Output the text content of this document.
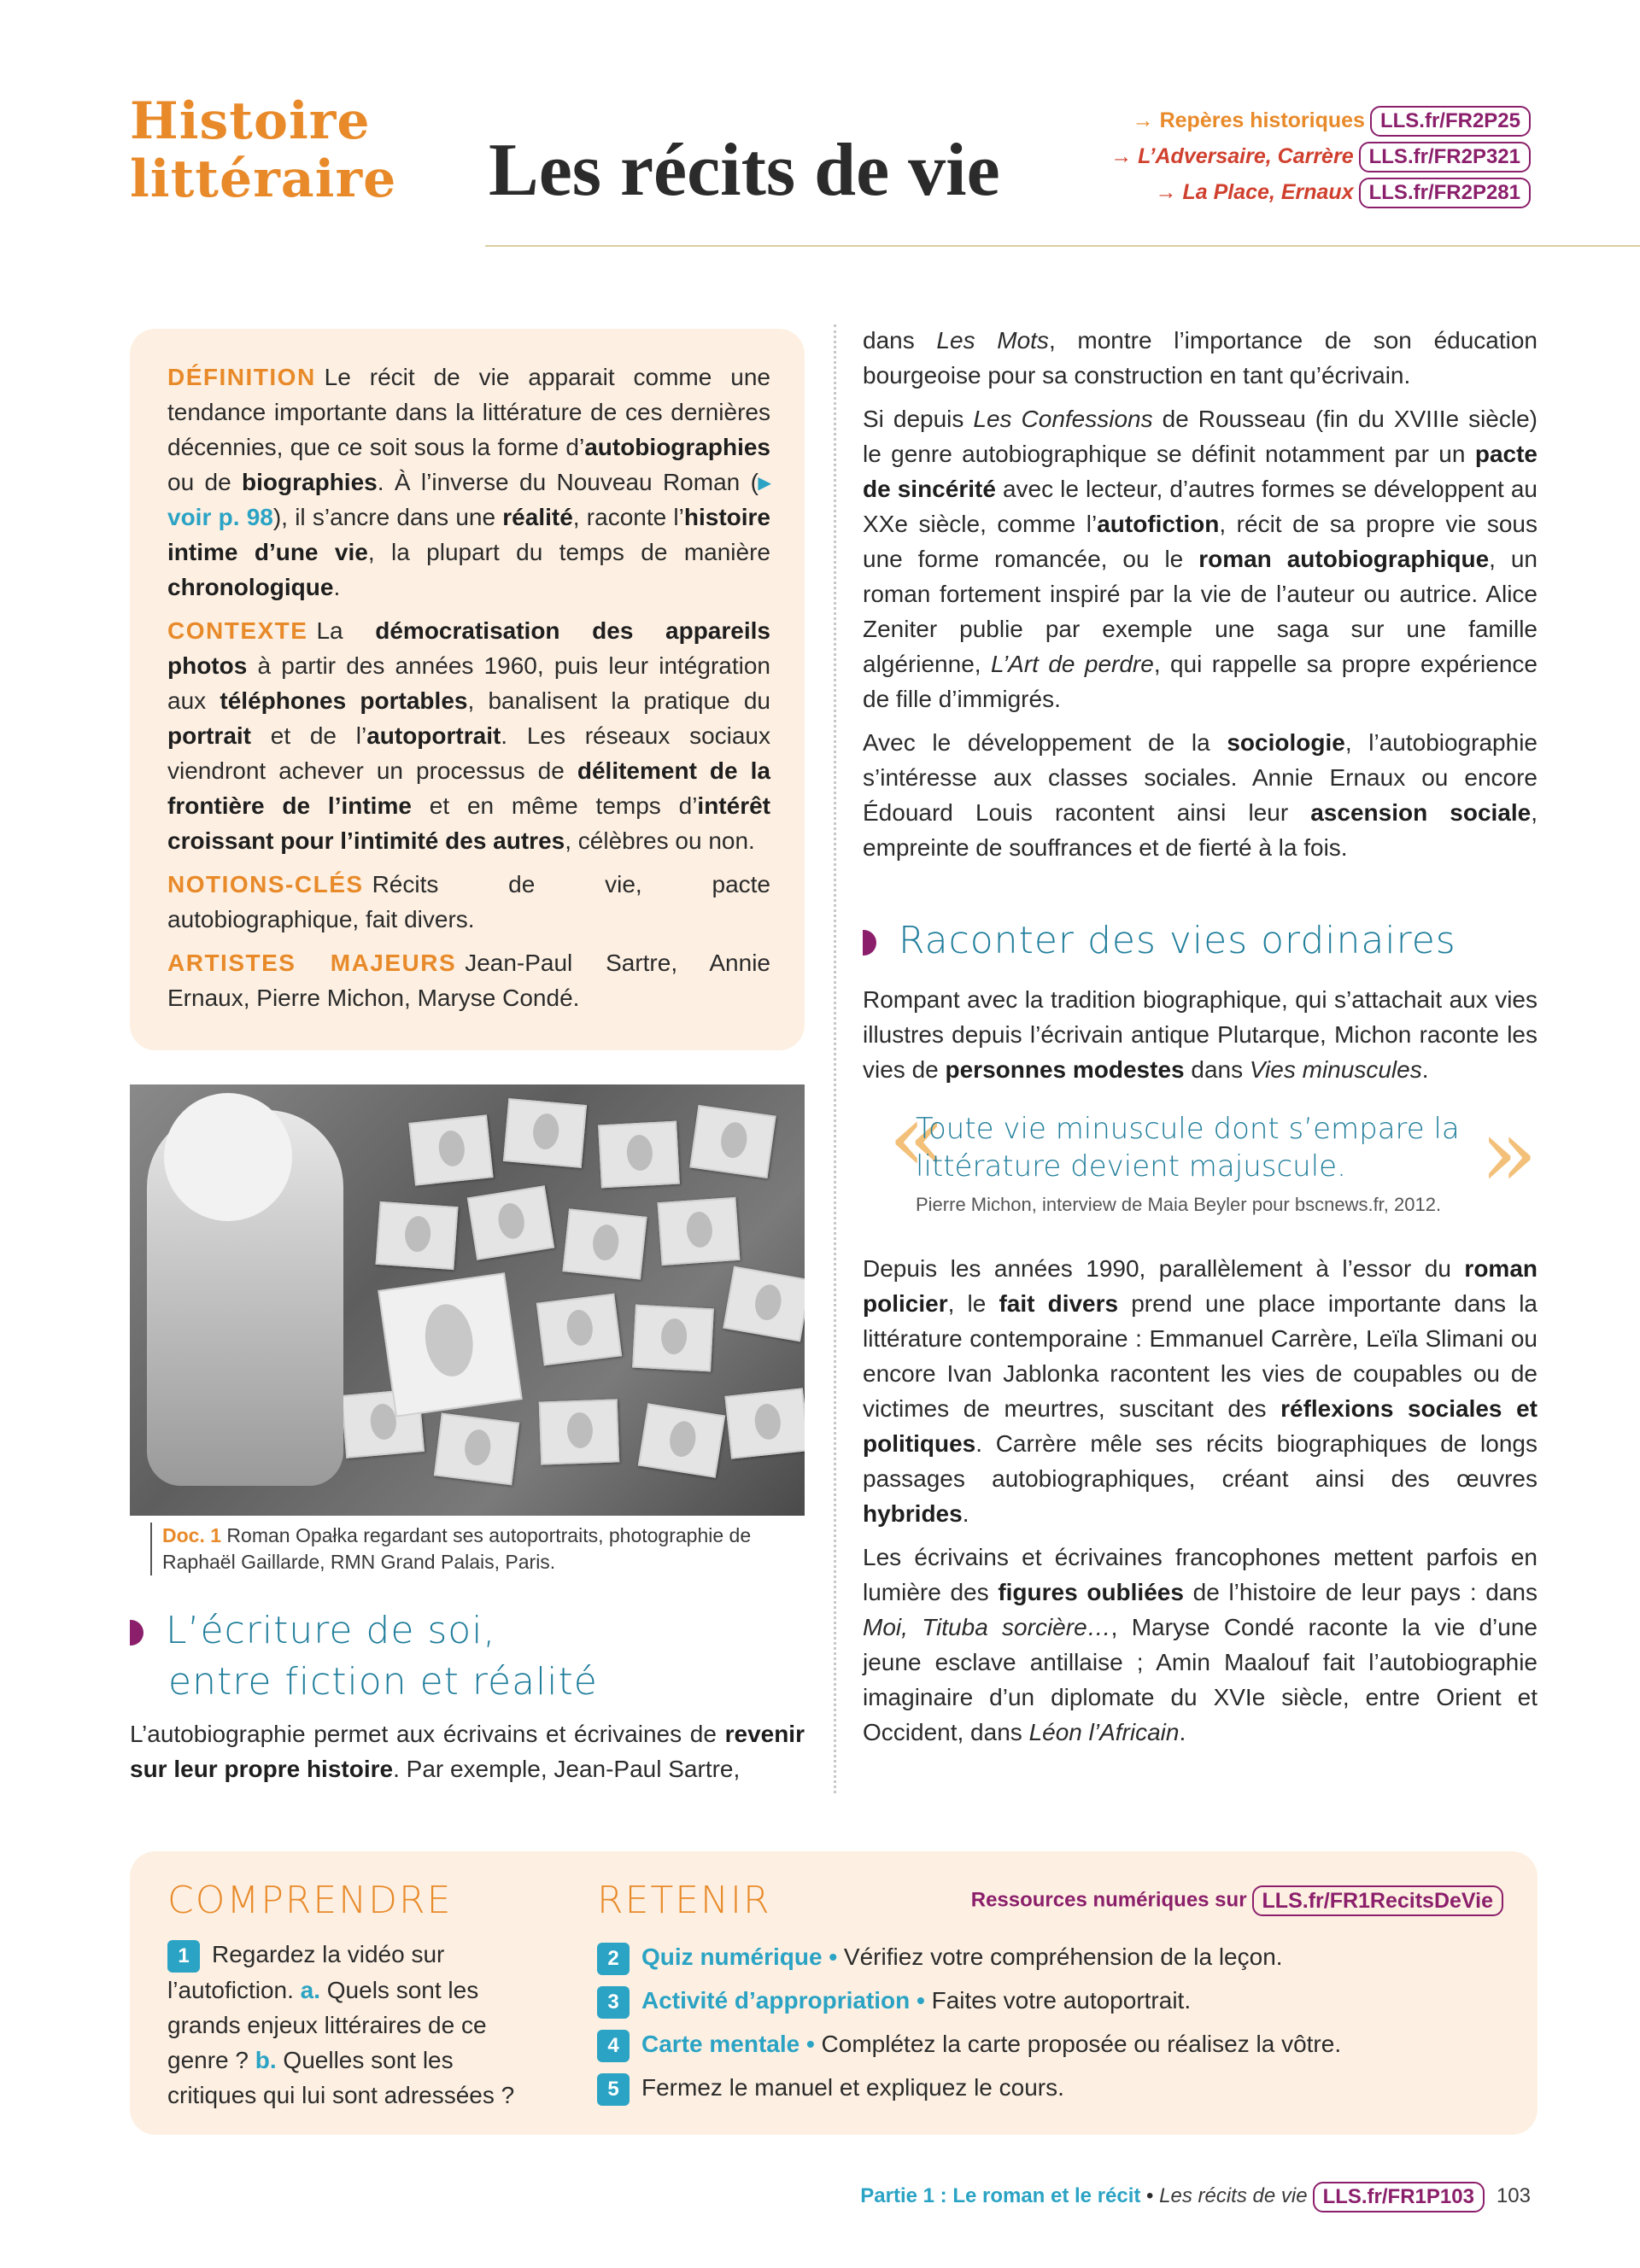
Histoire
littéraire Les récits de vie
→ Repères historiques LLS.fr/FR2P25
→ L’Adversaire, Carrère LLS.fr/FR2P321
→ La Place, Ernaux LLS.fr/FR2P281

DÉFINITION Le récit de vie apparait comme une tendance importante dans la littérature de ces dernières décennies, que ce soit sous la forme d’autobiographies ou de biographies. À l’inverse du Nouveau Roman (▸ voir p. 98), il s’ancre dans une réalité, raconte l’histoire intime d’une vie, la plupart du temps de manière chronologique.

CONTEXTE La démocratisation des appareils photos à partir des années 1960, puis leur intégration aux téléphones portables, banalisent la pratique du portrait et de l’autoportrait. Les réseaux sociaux viendront achever un processus de délitement de la frontière de l’intime et en même temps d’intérêt croissant pour l’intimité des autres, célèbres ou non.

NOTIONS-CLÉS Récits de vie, pacte autobiographique, fait divers.

ARTISTES MAJEURS Jean-Paul Sartre, Annie Ernaux, Pierre Michon, Maryse Condé.

Doc. 1 Roman Opałka regardant ses autoportraits, photographie de Raphaël Gaillarde, RMN Grand Palais, Paris.
L’écriture de soi,
entre fiction et réalité

L’autobiographie permet aux écrivains et écrivaines de revenir sur leur propre histoire. Par exemple, Jean-Paul Sartre,

dans Les Mots, montre l’importance de son éducation bourgeoise pour sa construction en tant qu’écrivain.

Si depuis Les Confessions de Rousseau (fin du XVIIIe siècle) le genre autobiographique se définit notamment par un pacte de sincérité avec le lecteur, d’autres formes se développent au XXe siècle, comme l’autofiction, récit de sa propre vie sous une forme romancée, ou le roman autobiographique, un roman fortement inspiré par la vie de l’auteur ou autrice. Alice Zeniter publie par exemple une saga sur une famille algérienne, L’Art de perdre, qui rappelle sa propre expérience de fille d’immigrés.

Avec le développement de la sociologie, l’autobiographie s’intéresse aux classes sociales. Annie Ernaux ou encore Édouard Louis racontent ainsi leur ascension sociale, empreinte de souffrances et de fierté à la fois.

Raconter des vies ordinaires

Rompant avec la tradition biographique, qui s’attachait aux vies illustres depuis l’écrivain antique Plutarque, Michon raconte les vies de personnes modestes dans Vies minuscules.

«	»
Toute vie minuscule dont s’empare la littérature devient majuscule.
Pierre Michon, interview de Maia Beyler pour bscnews.fr, 2012.

Depuis les années 1990, parallèlement à l’essor du roman policier, le fait divers prend une place importante dans la littérature contemporaine : Emmanuel Carrère, Leïla Slimani ou encore Ivan Jablonka racontent les vies de coupables ou de victimes de meurtres, suscitant des réflexions sociales et politiques. Carrère mêle ses récits biographiques de longs passages autobiographiques, créant ainsi des œuvres hybrides.

Les écrivains et écrivaines francophones mettent parfois en lumière des figures oubliées de l’histoire de leur pays : dans Moi, Tituba sorcière…, Maryse Condé raconte la vie d’une jeune esclave antillaise ; Amin Maalouf fait l’autobiographie imaginaire d’un diplomate du XVIe siècle, entre Orient et Occident, dans Léon l’Africain.

COMPRENDRE	RETENIR	Ressources numériques sur LLS.fr/FR1RecitsDeVie
1 Regardez la vidéo sur l’autofiction. a. Quels sont les grands enjeux littéraires de ce genre ? b. Quelles sont les critiques qui lui sont adressées ?
2 Quiz numérique • Vérifiez votre compréhension de la leçon.
3 Activité d’appropriation • Faites votre autoportrait.
4 Carte mentale • Complétez la carte proposée ou réalisez la vôtre.
5 Fermez le manuel et expliquez le cours.
Partie 1 : Le roman et le récit • Les récits de vie LLS.fr/FR1P103 103
